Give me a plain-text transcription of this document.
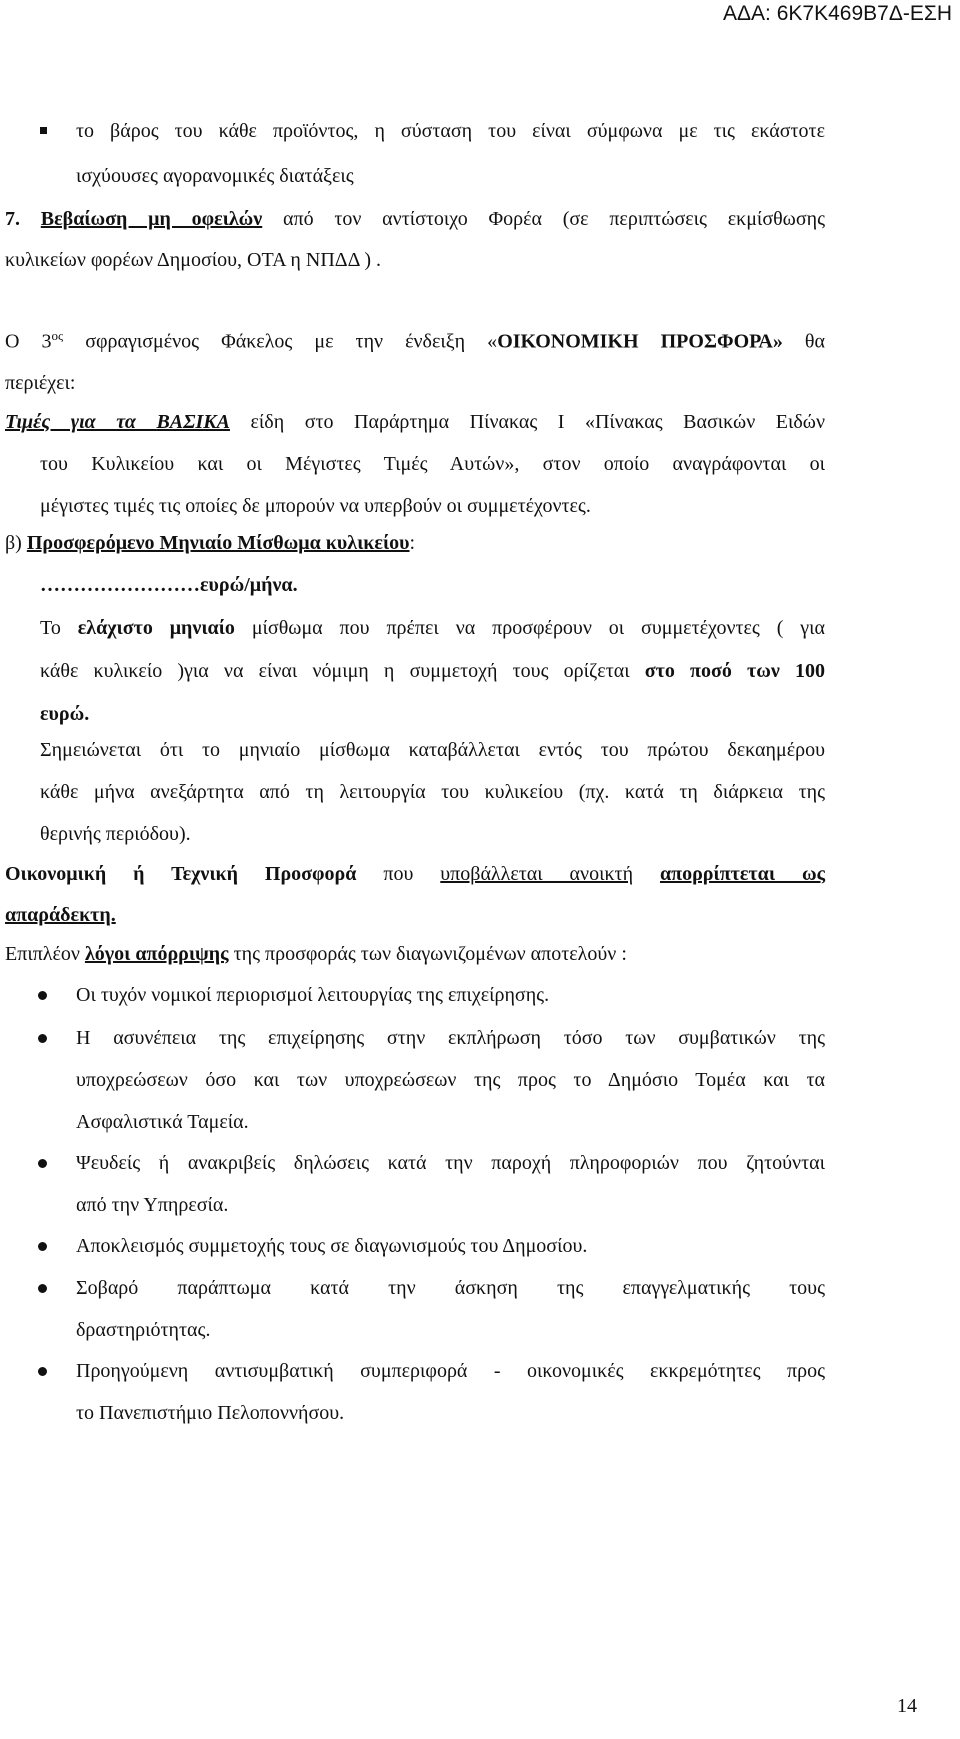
ΑΔΑ: 6Κ7Κ469Β7Δ-ΕΣΗ
το βάρος του κάθε προϊόντος, η σύσταση του είναι σύμφωνα με τις εκάστοτε
ισχύουσες αγορανομικές διατάξεις
7. Βεβαίωση μη οφειλών από τον αντίστοιχο Φορέα (σε περιπτώσεις εκμίσθωσης
κυλικείων φορέων Δημοσίου, ΟΤΑ η ΝΠΔΔ ) .
Ο $3^{o\varsigma}$ σφραγισμένος Φάκελος με την ένδειξη «ΟΙΚΟΝΟΜΙΚΗ ΠΡΟΣΦΟΡΑ» θα
περιέχει:
Τιμές για τα ΒΑΣΙΚΑ είδη στο Παράρτημα Πίνακας Ι «Πίνακας Βασικών Ειδών
του Κυλικείου και οι Μέγιστες Τιμές Αυτών», στον οποίο αναγράφονται οι
μέγιστες τιμές τις οποίες δε μπορούν να υπερβούν οι συμμετέχοντες.
β) Προσφερόμενο Μηνιαίο Μίσθωμα κυλικείου:
……………………ευρώ/μήνα.
Το ελάχιστο μηνιαίο μίσθωμα που πρέπει να προσφέρουν οι συμμετέχοντες ( για
κάθε κυλικείο )για να είναι νόμιμη η συμμετοχή τους ορίζεται στο ποσό των 100
ευρώ.
Σημειώνεται ότι το μηνιαίο μίσθωμα καταβάλλεται εντός του πρώτου δεκαημέρου
κάθε μήνα ανεξάρτητα από τη λειτουργία του κυλικείου (πχ. κατά τη διάρκεια της
θερινής περιόδου).
Οικονομική ή Τεχνική Προσφορά που υποβάλλεται ανοικτή απορρίπτεται ως
απαράδεκτη.
Επιπλέον λόγοι απόρριψης της προσφοράς των διαγωνιζομένων αποτελούν :
Οι τυχόν νομικοί περιορισμοί λειτουργίας της επιχείρησης.
Η ασυνέπεια της επιχείρησης στην εκπλήρωση τόσο των συμβατικών της
υποχρεώσεων όσο και των υποχρεώσεων της προς το Δημόσιο Τομέα και τα
Ασφαλιστικά Ταμεία.
Ψευδείς ή ανακριβείς δηλώσεις κατά την παροχή πληροφοριών που ζητούνται
από την Υπηρεσία.
Αποκλεισμός συμμετοχής τους σε διαγωνισμούς του Δημοσίου.
Σοβαρό παράπτωμα κατά την άσκηση της επαγγελματικής τους
δραστηριότητας.
Προηγούμενη αντισυμβατική συμπεριφορά - οικονομικές εκκρεμότητες προς
το Πανεπιστήμιο Πελοποννήσου.
14
